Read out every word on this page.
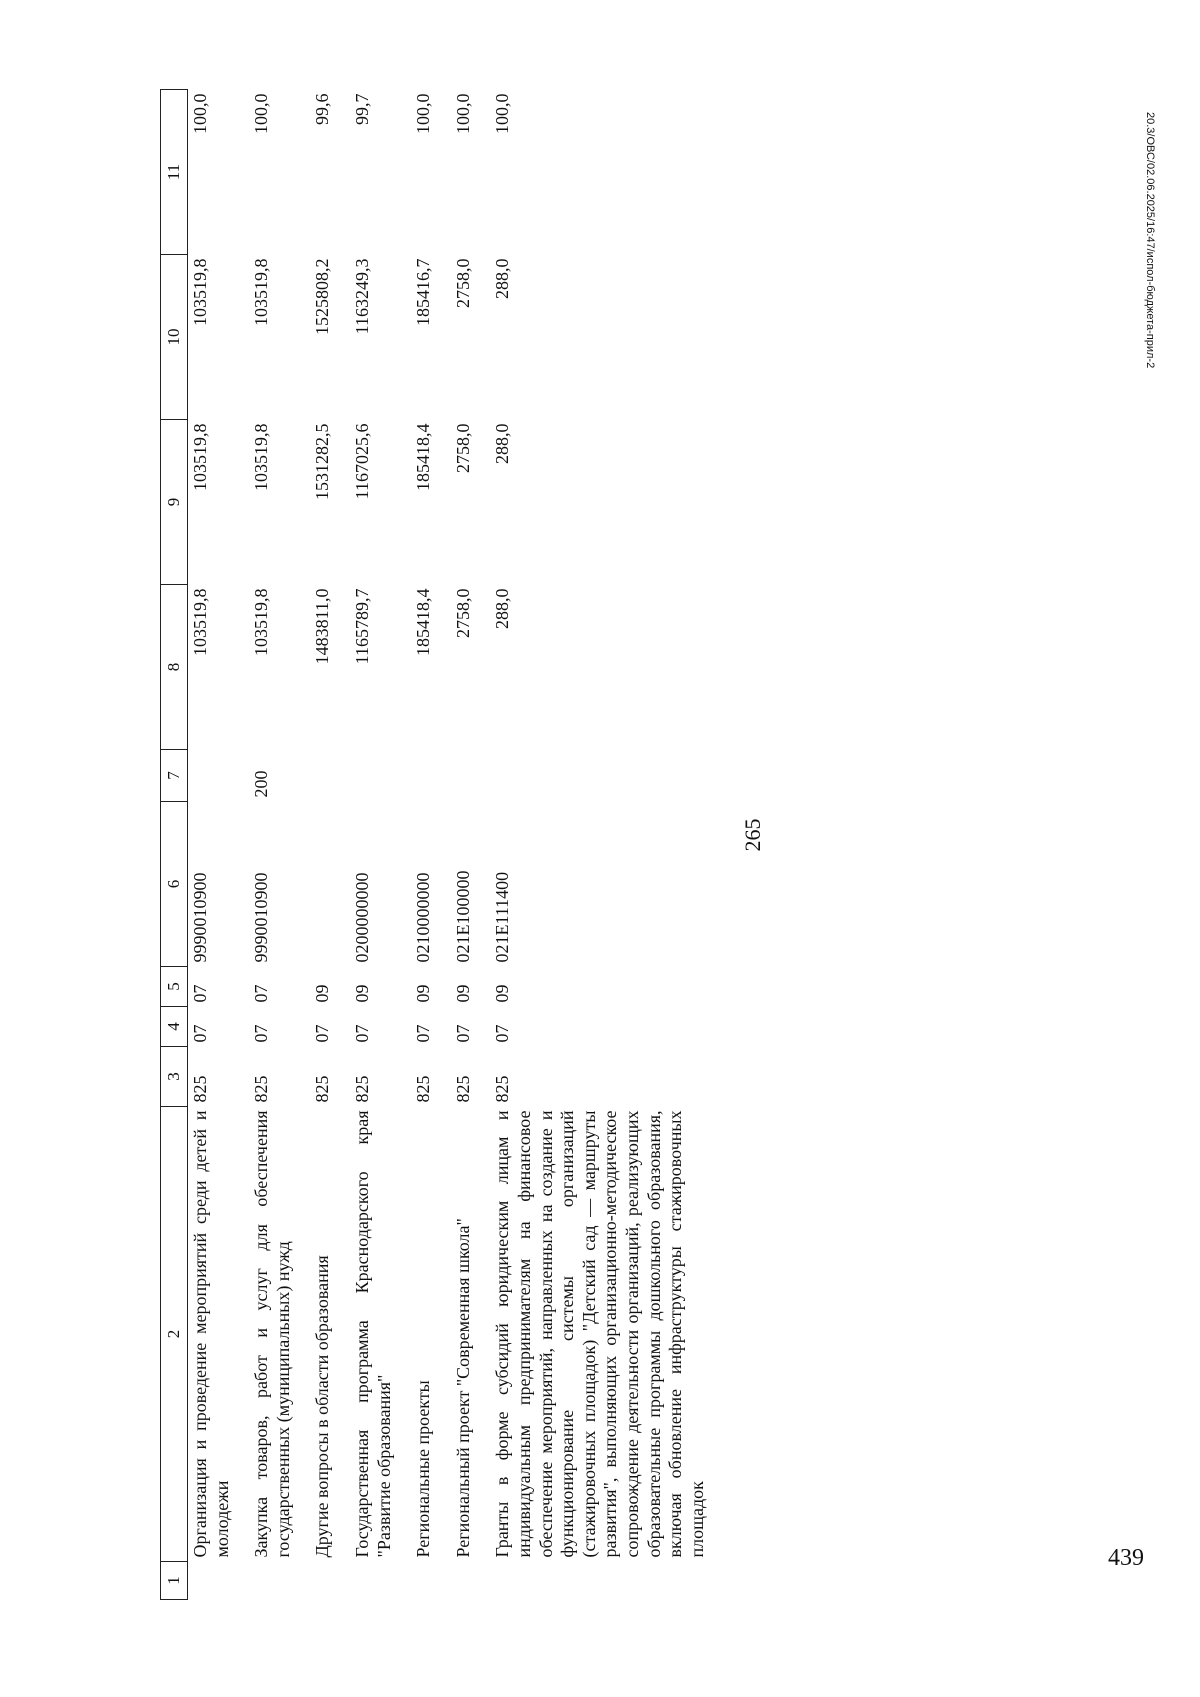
1	2	3	4	5	6	7	8	9	10	11
	Организация и проведение мероприятий среди детей и молодежи	825	07	07	9990010900		103519,8	103519,8	103519,8	100,0
	Закупка товаров, работ и услуг для обеспечения государственных (муниципальных) нужд	825	07	07	9990010900	200	103519,8	103519,8	103519,8	100,0
	Другие вопросы в области образования	825	07	09			1483811,0	1531282,5	1525808,2	99,6
	Государственная программа Краснодарского края "Развитие образования"	825	07	09	0200000000		1165789,7	1167025,6	1163249,3	99,7
	Региональные проекты	825	07	09	0210000000		185418,4	185418,4	185416,7	100,0
	Региональный проект "Современная школа"	825	07	09	021E100000		2758,0	2758,0	2758,0	100,0
	Гранты в форме субсидий юридическим лицам и индивидуальным предпринимателям на финансовое обеспечение мероприятий, направленных на создание и функционирование системы организаций (стажировочных площадок) "Детский сад — маршруты развития", выполняющих организационно-методическое сопровождение деятельности организаций, реализующих образовательные программы дошкольного образования, включая обновление инфраструктуры стажировочных площадок	825	07	09	021E111400		288,0	288,0	288,0	100,0
265
20.3/ОВС/02.06.2025/16:47/испол-бюджета-прил-2
439
